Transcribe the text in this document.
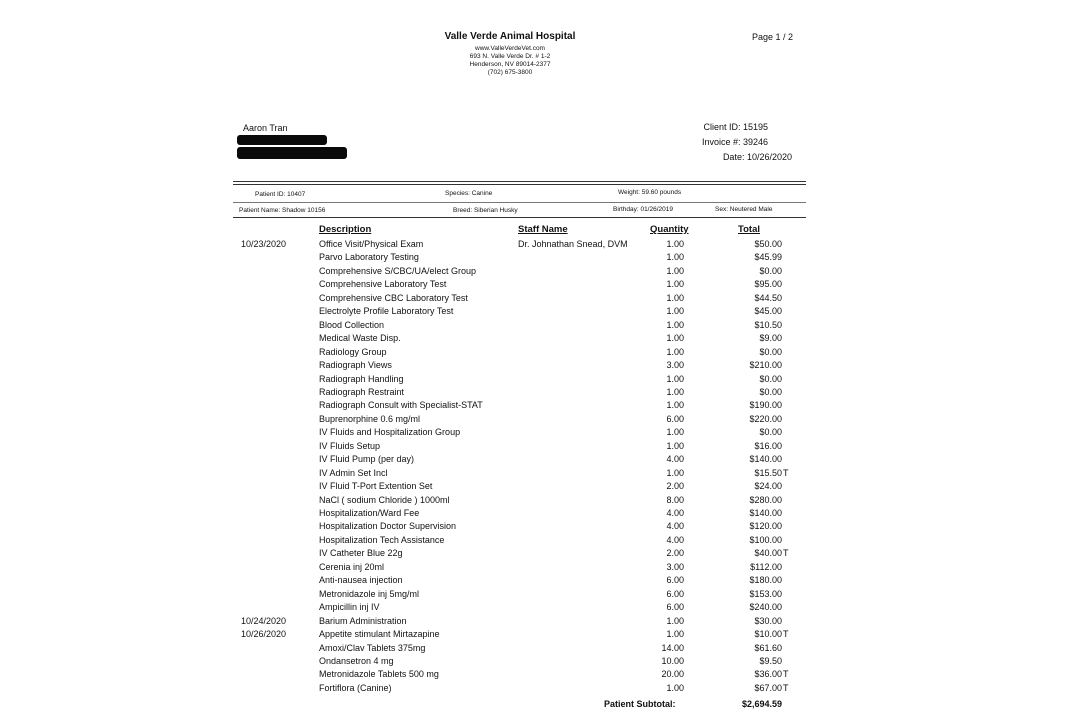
Valle Verde Animal Hospital
www.ValleVerdeVet.com
693 N. Valle Verde Dr. # 1-2
Henderson, NV 89014-2377
(702) 675-3800
Page 1 / 2
Aaron Tran	Client ID: 15195
Invoice #: 39246
Date: 10/26/2020
Patient ID: 10407	Species: Canine	Weight: 59.60 pounds
Patient Name: Shadow 10156	Breed: Siberian Husky	Birthday: 01/26/2019	Sex: Neutered Male
Description	Staff Name	Quantity	Total
10/23/2020	Office Visit/Physical Exam	Dr. Johnathan Snead, DVM	1.00	$50.00
Parvo Laboratory Testing	1.00	$45.99
Comprehensive S/CBC/UA/elect Group	1.00	$0.00
Comprehensive Laboratory Test	1.00	$95.00
Comprehensive CBC Laboratory Test	1.00	$44.50
Electrolyte Profile Laboratory Test	1.00	$45.00
Blood Collection	1.00	$10.50
Medical Waste Disp.	1.00	$9.00
Radiology Group	1.00	$0.00
Radiograph Views	3.00	$210.00
Radiograph Handling	1.00	$0.00
Radiograph Restraint	1.00	$0.00
Radiograph Consult with Specialist-STAT	1.00	$190.00
Buprenorphine 0.6 mg/ml	6.00	$220.00
IV Fluids and Hospitalization Group	1.00	$0.00
IV Fluids Setup	1.00	$16.00
IV Fluid Pump (per day)	4.00	$140.00
IV Admin Set Incl	1.00	$15.50 T
IV Fluid T-Port Extention Set	2.00	$24.00
NaCl ( sodium Chloride ) 1000ml	8.00	$280.00
Hospitalization/Ward Fee	4.00	$140.00
Hospitalization Doctor Supervision	4.00	$120.00
Hospitalization Tech Assistance	4.00	$100.00
IV Catheter Blue 22g	2.00	$40.00 T
Cerenia inj 20ml	3.00	$112.00
Anti-nausea injection	6.00	$180.00
Metronidazole inj 5mg/ml	6.00	$153.00
Ampicillin inj IV	6.00	$240.00
10/24/2020	Barium Administration	1.00	$30.00
10/26/2020	Appetite stimulant Mirtazapine	1.00	$10.00 T
Amoxi/Clav Tablets 375mg	14.00	$61.60
Ondansetron 4 mg	10.00	$9.50
Metronidazole Tablets 500 mg	20.00	$36.00 T
Fortiflora (Canine)	1.00	$67.00 T
Patient Subtotal:	$2,694.59
